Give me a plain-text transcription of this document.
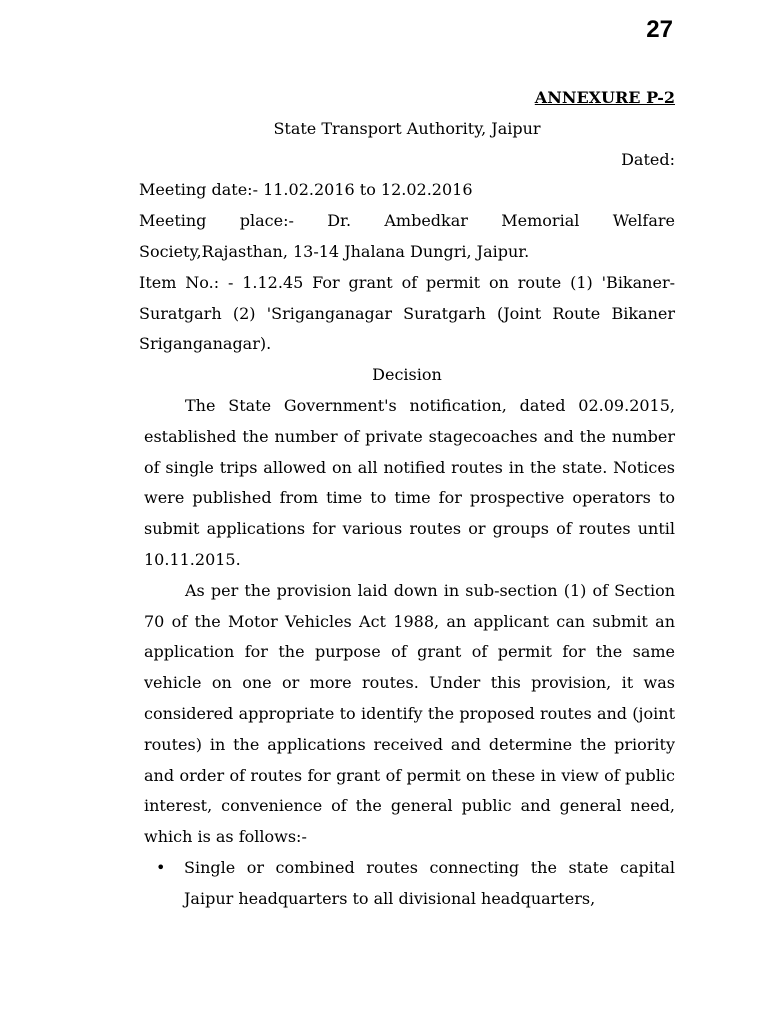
27
ANNEXURE P-2
State Transport Authority, Jaipur
Dated:
Meeting date:- 11.02.2016 to 12.02.2016
Meeting place:- Dr. Ambedkar Memorial Welfare Society,Rajasthan, 13-14 Jhalana Dungri, Jaipur.
Item No.: - 1.12.45 For grant of permit on route (1) 'Bikaner-Suratgarh (2) 'Sriganganagar Suratgarh (Joint Route Bikaner Sriganganagar).
Decision
The State Government's notification, dated 02.09.2015, established the number of private stagecoaches and the number of single trips allowed on all notified routes in the state. Notices were published from time to time for prospective operators to submit applications for various routes or groups of routes until 10.11.2015.
As per the provision laid down in sub-section (1) of Section 70 of the Motor Vehicles Act 1988, an applicant can submit an application for the purpose of grant of permit for the same vehicle on one or more routes. Under this provision, it was considered appropriate to identify the proposed routes and (joint routes) in the applications received and determine the priority and order of routes for grant of permit on these in view of public interest, convenience of the general public and general need, which is as follows:-
• Single or combined routes connecting the state capital Jaipur headquarters to all divisional headquarters,
